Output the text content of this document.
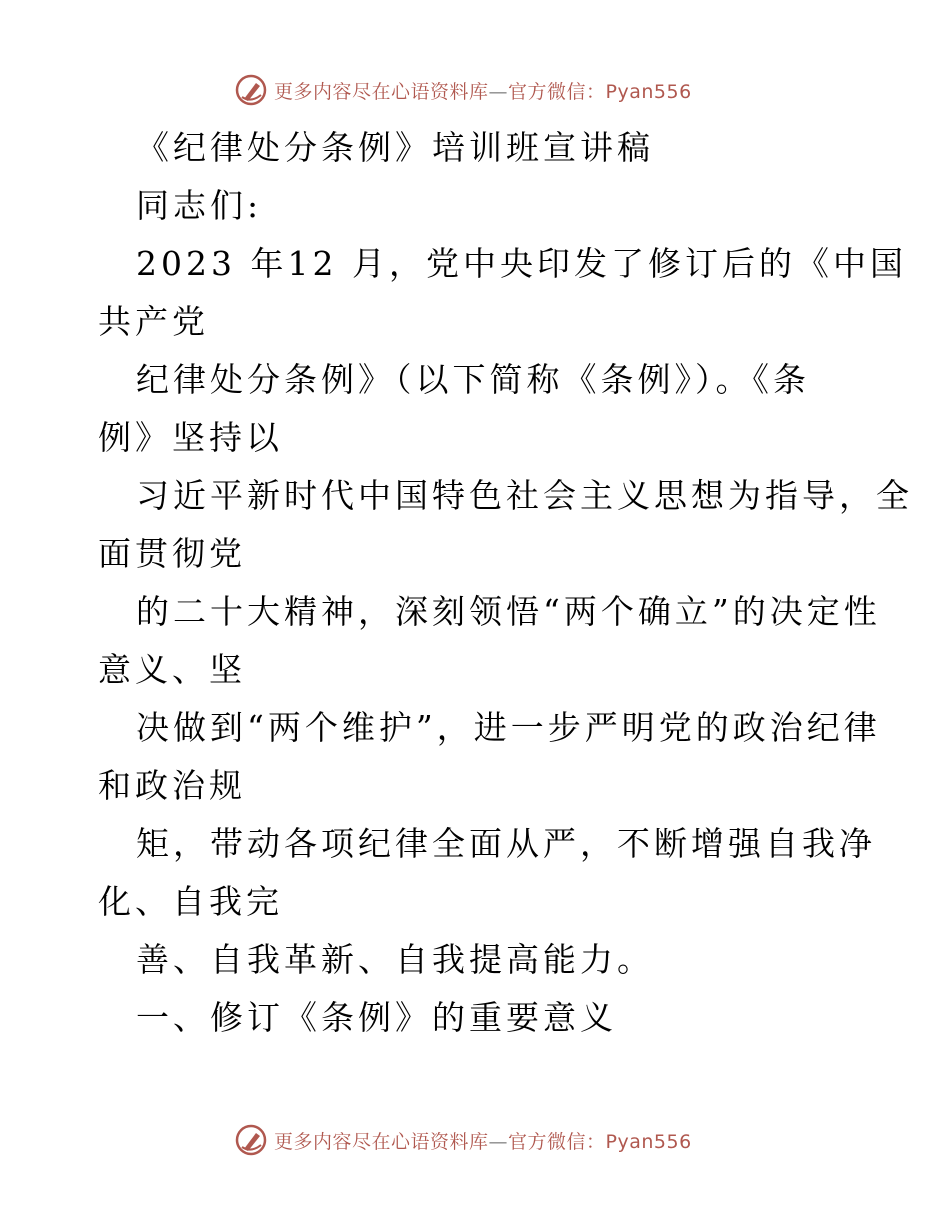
更多内容尽在心语资料库—官方微信：Pyan556
《纪律处分条例》培训班宣讲稿
同志们:
2023 年12 月，党中央印发了修订后的《中国
共产党
纪律处分条例》（以下简称《条例》）。《条
例》坚持以
习近平新时代中国特色社会主义思想为指导，全
面贯彻党
的二十大精神，深刻领悟“两个确立”的决定性
意义、坚
决做到“两个维护”，进一步严明党的政治纪律
和政治规
矩，带动各项纪律全面从严，不断增强自我净
化、自我完
善、自我革新、自我提高能力。
一、修订《条例》的重要意义
更多内容尽在心语资料库—官方微信：Pyan556
